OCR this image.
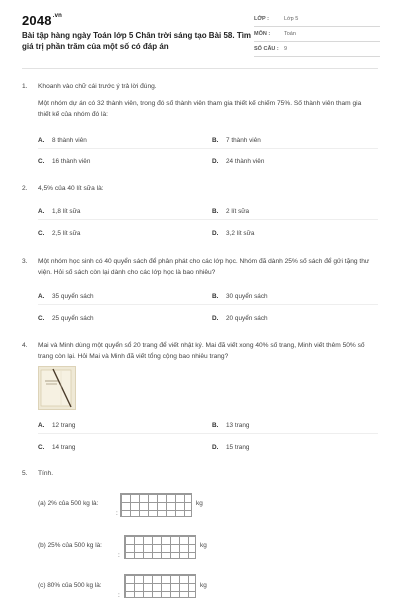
$2048^{.vn}$
Bài tập hàng ngày Toán lớp 5 Chân trời sáng tạo Bài 58. Tìm giá trị phần trăm của một số có đáp án
LỚP :	Lớp 5
MÔN :	Toán
SỐ CÂU : 9
1. Khoanh vào chữ cái trước ý trả lời đúng.
Một nhóm dự án có 32 thành viên, trong đó số thành viên tham gia thiết kế chiếm 75%. Số thành viên tham gia thiết kế của nhóm đó là:
A. 8 thành viên	B. 7 thành viên
C. 16 thành viên	D. 24 thành viên
2. 4,5% của 40 lít sữa là:
A. 1,8 lít sữa	B. 2 lít sữa
C. 2,5 lít sữa	D. 3,2 lít sữa
3. Một nhóm học sinh có 40 quyển sách để phân phát cho các lớp học. Nhóm đã dành 25% số sách để gửi tặng thư viện. Hỏi số sách còn lại dành cho các lớp học là bao nhiêu?
A. 35 quyển sách	B. 30 quyển sách
C. 25 quyển sách	D. 20 quyển sách
4. Mai và Minh dùng một quyển sổ 20 trang để viết nhật ký. Mai đã viết xong 40% số trang, Minh viết thêm 50% số trang còn lại. Hỏi Mai và Minh đã viết tổng cộng bao nhiêu trang?
A. 12 trang	B. 13 trang
C. 14 trang	D. 15 trang
5. Tính.
(a) 2% của 500 kg là:
:
kg
(b) 25% của 500 kg là:
:
kg
(c) 80% của 500 kg là:
:
kg
